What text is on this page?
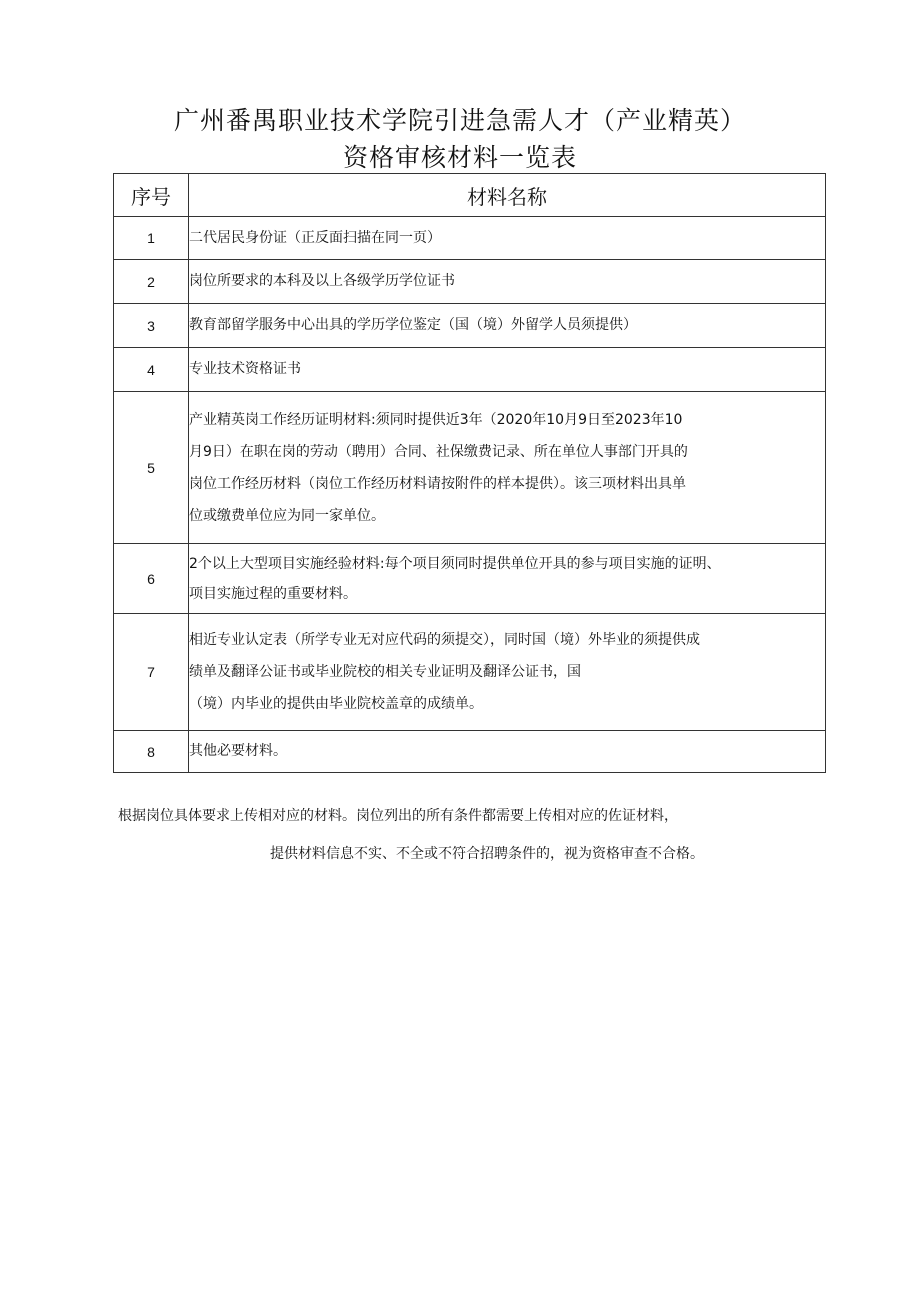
广州番禺职业技术学院引进急需人才（产业精英）
资格审核材料一览表
序号	材料名称
1	二代居民身份证（正反面扫描在同一页）

2	岗位所要求的本科及以上各级学历学位证书

3	教育部留学服务中心出具的学历学位鉴定（国（境）外留学人员须提供）

4	专业技术资格证书

5	产业精英岗工作经历证明材料:须同时提供近3年（2020年10月9日至2023年10
月9日）在职在岗的劳动（聘用）合同、社保缴费记录、所在单位人事部门开具的
岗位工作经历材料（岗位工作经历材料请按附件的样本提供）。该三项材料出具单
位或缴费单位应为同一家单位。

6	2个以上大型项目实施经验材料:每个项目须同时提供单位开具的参与项目实施的证明、
项目实施过程的重要材料。

7	相近专业认定表（所学专业无对应代码的须提交），同时国（境）外毕业的须提供成
绩单及翻译公证书或毕业院校的相关专业证明及翻译公证书，国
（境）内毕业的提供由毕业院校盖章的成绩单。

8	其他必要材料。
根据岗位具体要求上传相对应的材料。岗位列出的所有条件都需要上传相对应的佐证材料，
提供材料信息不实、不全或不符合招聘条件的，视为资格审查不合格。
